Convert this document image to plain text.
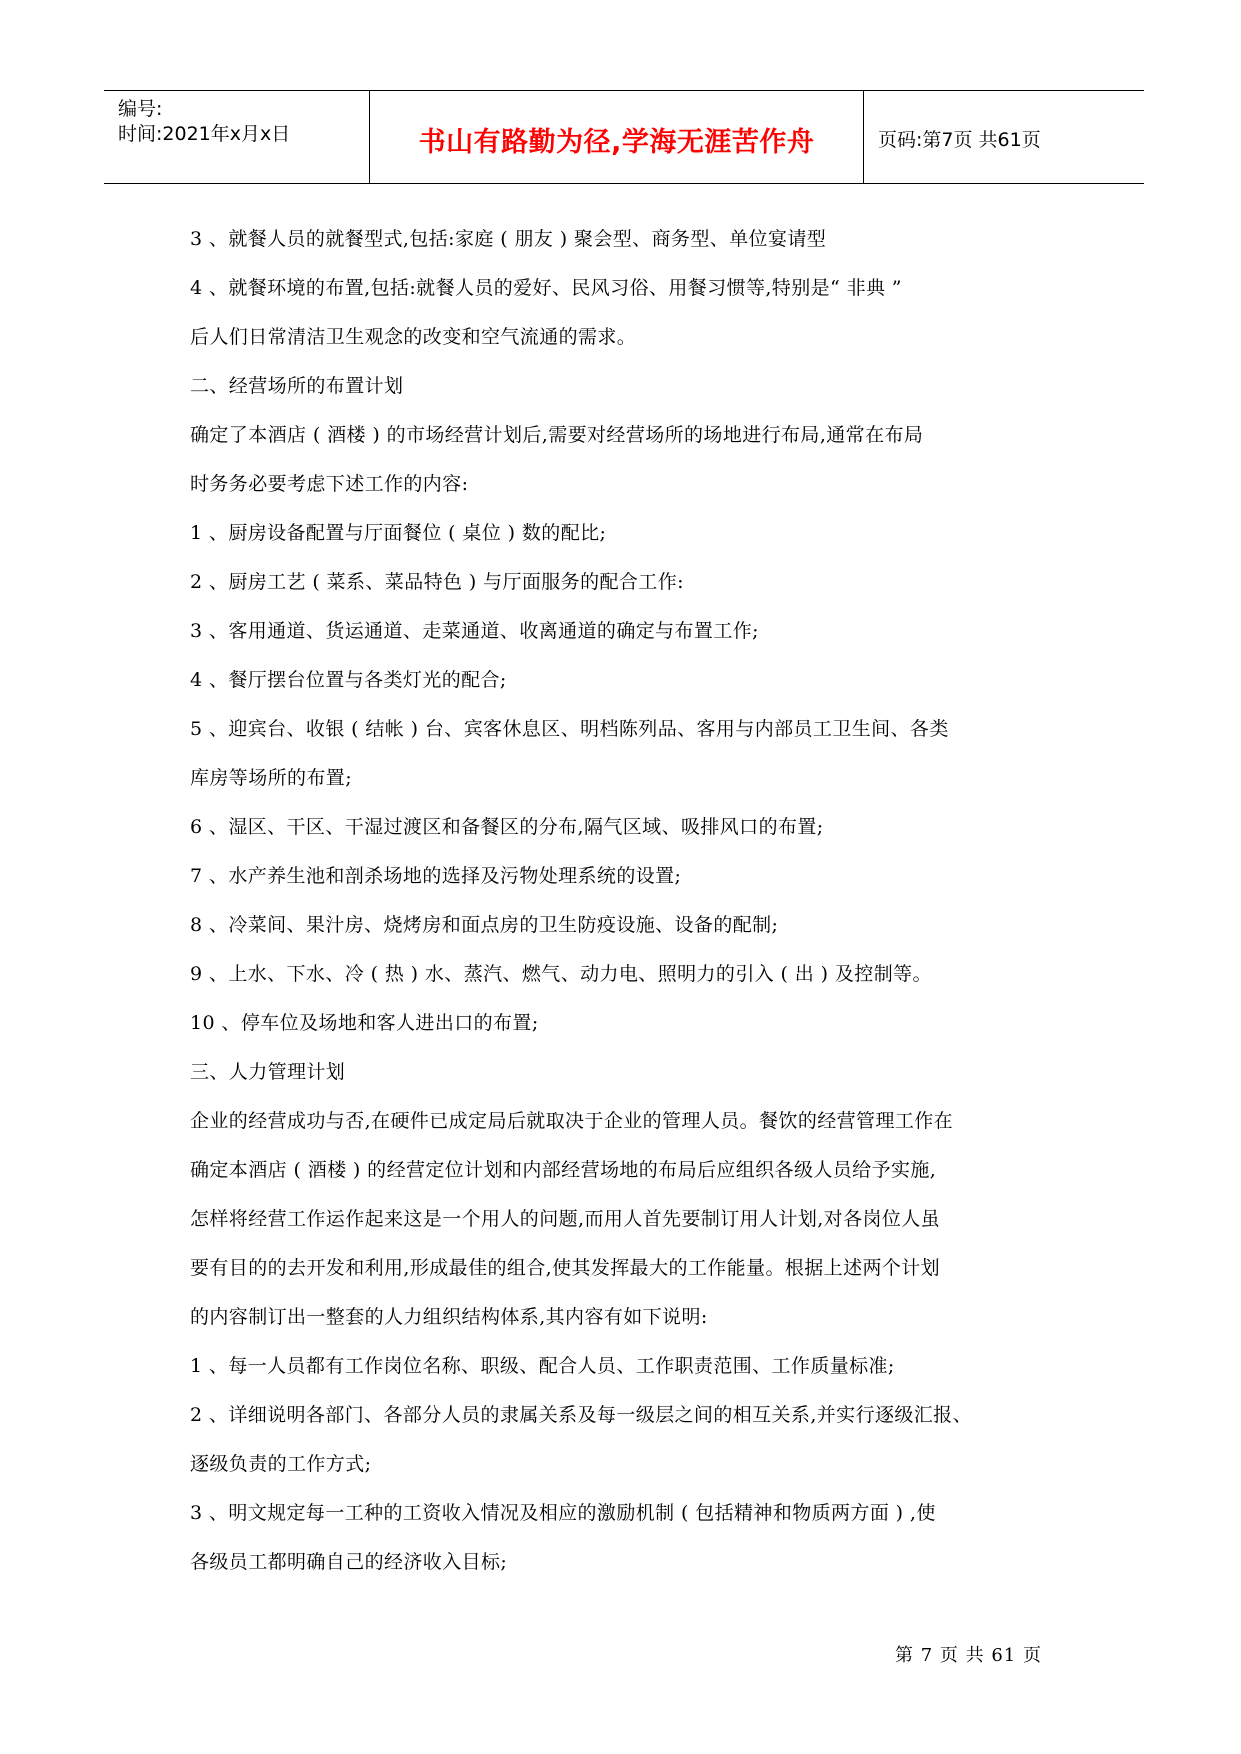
编号:
时间:2021年x月x日	书山有路勤为径,学海无涯苦作舟	页码:第7页 共61页
3 、就餐人员的就餐型式,包括:家庭 ( 朋友 ) 聚会型、商务型、单位宴请型
4 、就餐环境的布置,包括:就餐人员的爱好、民风习俗、用餐习惯等,特别是“ 非典 ”
后人们日常清洁卫生观念的改变和空气流通的需求。
二、经营场所的布置计划
确定了本酒店 ( 酒楼 ) 的市场经营计划后,需要对经营场所的场地进行布局,通常在布局
时务务必要考虑下述工作的内容:
1 、厨房设备配置与厅面餐位 ( 桌位 ) 数的配比;
2 、厨房工艺 ( 菜系、菜品特色 ) 与厅面服务的配合工作:
3 、客用通道、货运通道、走菜通道、收离通道的确定与布置工作;
4 、餐厅摆台位置与各类灯光的配合;
5 、迎宾台、收银 ( 结帐 ) 台、宾客休息区、明档陈列品、客用与内部员工卫生间、各类
库房等场所的布置;
6 、湿区、干区、干湿过渡区和备餐区的分布,隔气区域、吸排风口的布置;
7 、水产养生池和剖杀场地的选择及污物处理系统的设置;
8 、冷菜间、果汁房、烧烤房和面点房的卫生防疫设施、设备的配制;
9 、上水、下水、冷 ( 热 ) 水、蒸汽、燃气、动力电、照明力的引入 ( 出 ) 及控制等。
10 、停车位及场地和客人进出口的布置;
三、人力管理计划
企业的经营成功与否,在硬件已成定局后就取决于企业的管理人员。餐饮的经营管理工作在
确定本酒店 ( 酒楼 ) 的经营定位计划和内部经营场地的布局后应组织各级人员给予实施,
怎样将经营工作运作起来这是一个用人的问题,而用人首先要制订用人计划,对各岗位人虽
要有目的的去开发和利用,形成最佳的组合,使其发挥最大的工作能量。根据上述两个计划
的内容制订出一整套的人力组织结构体系,其内容有如下说明:
1 、每一人员都有工作岗位名称、职级、配合人员、工作职责范围、工作质量标准;
2 、详细说明各部门、各部分人员的隶属关系及每一级层之间的相互关系,并实行逐级汇报、
逐级负责的工作方式;
3 、明文规定每一工种的工资收入情况及相应的激励机制 ( 包括精神和物质两方面 ) ,使
各级员工都明确自己的经济收入目标;
第 7 页 共 61 页
